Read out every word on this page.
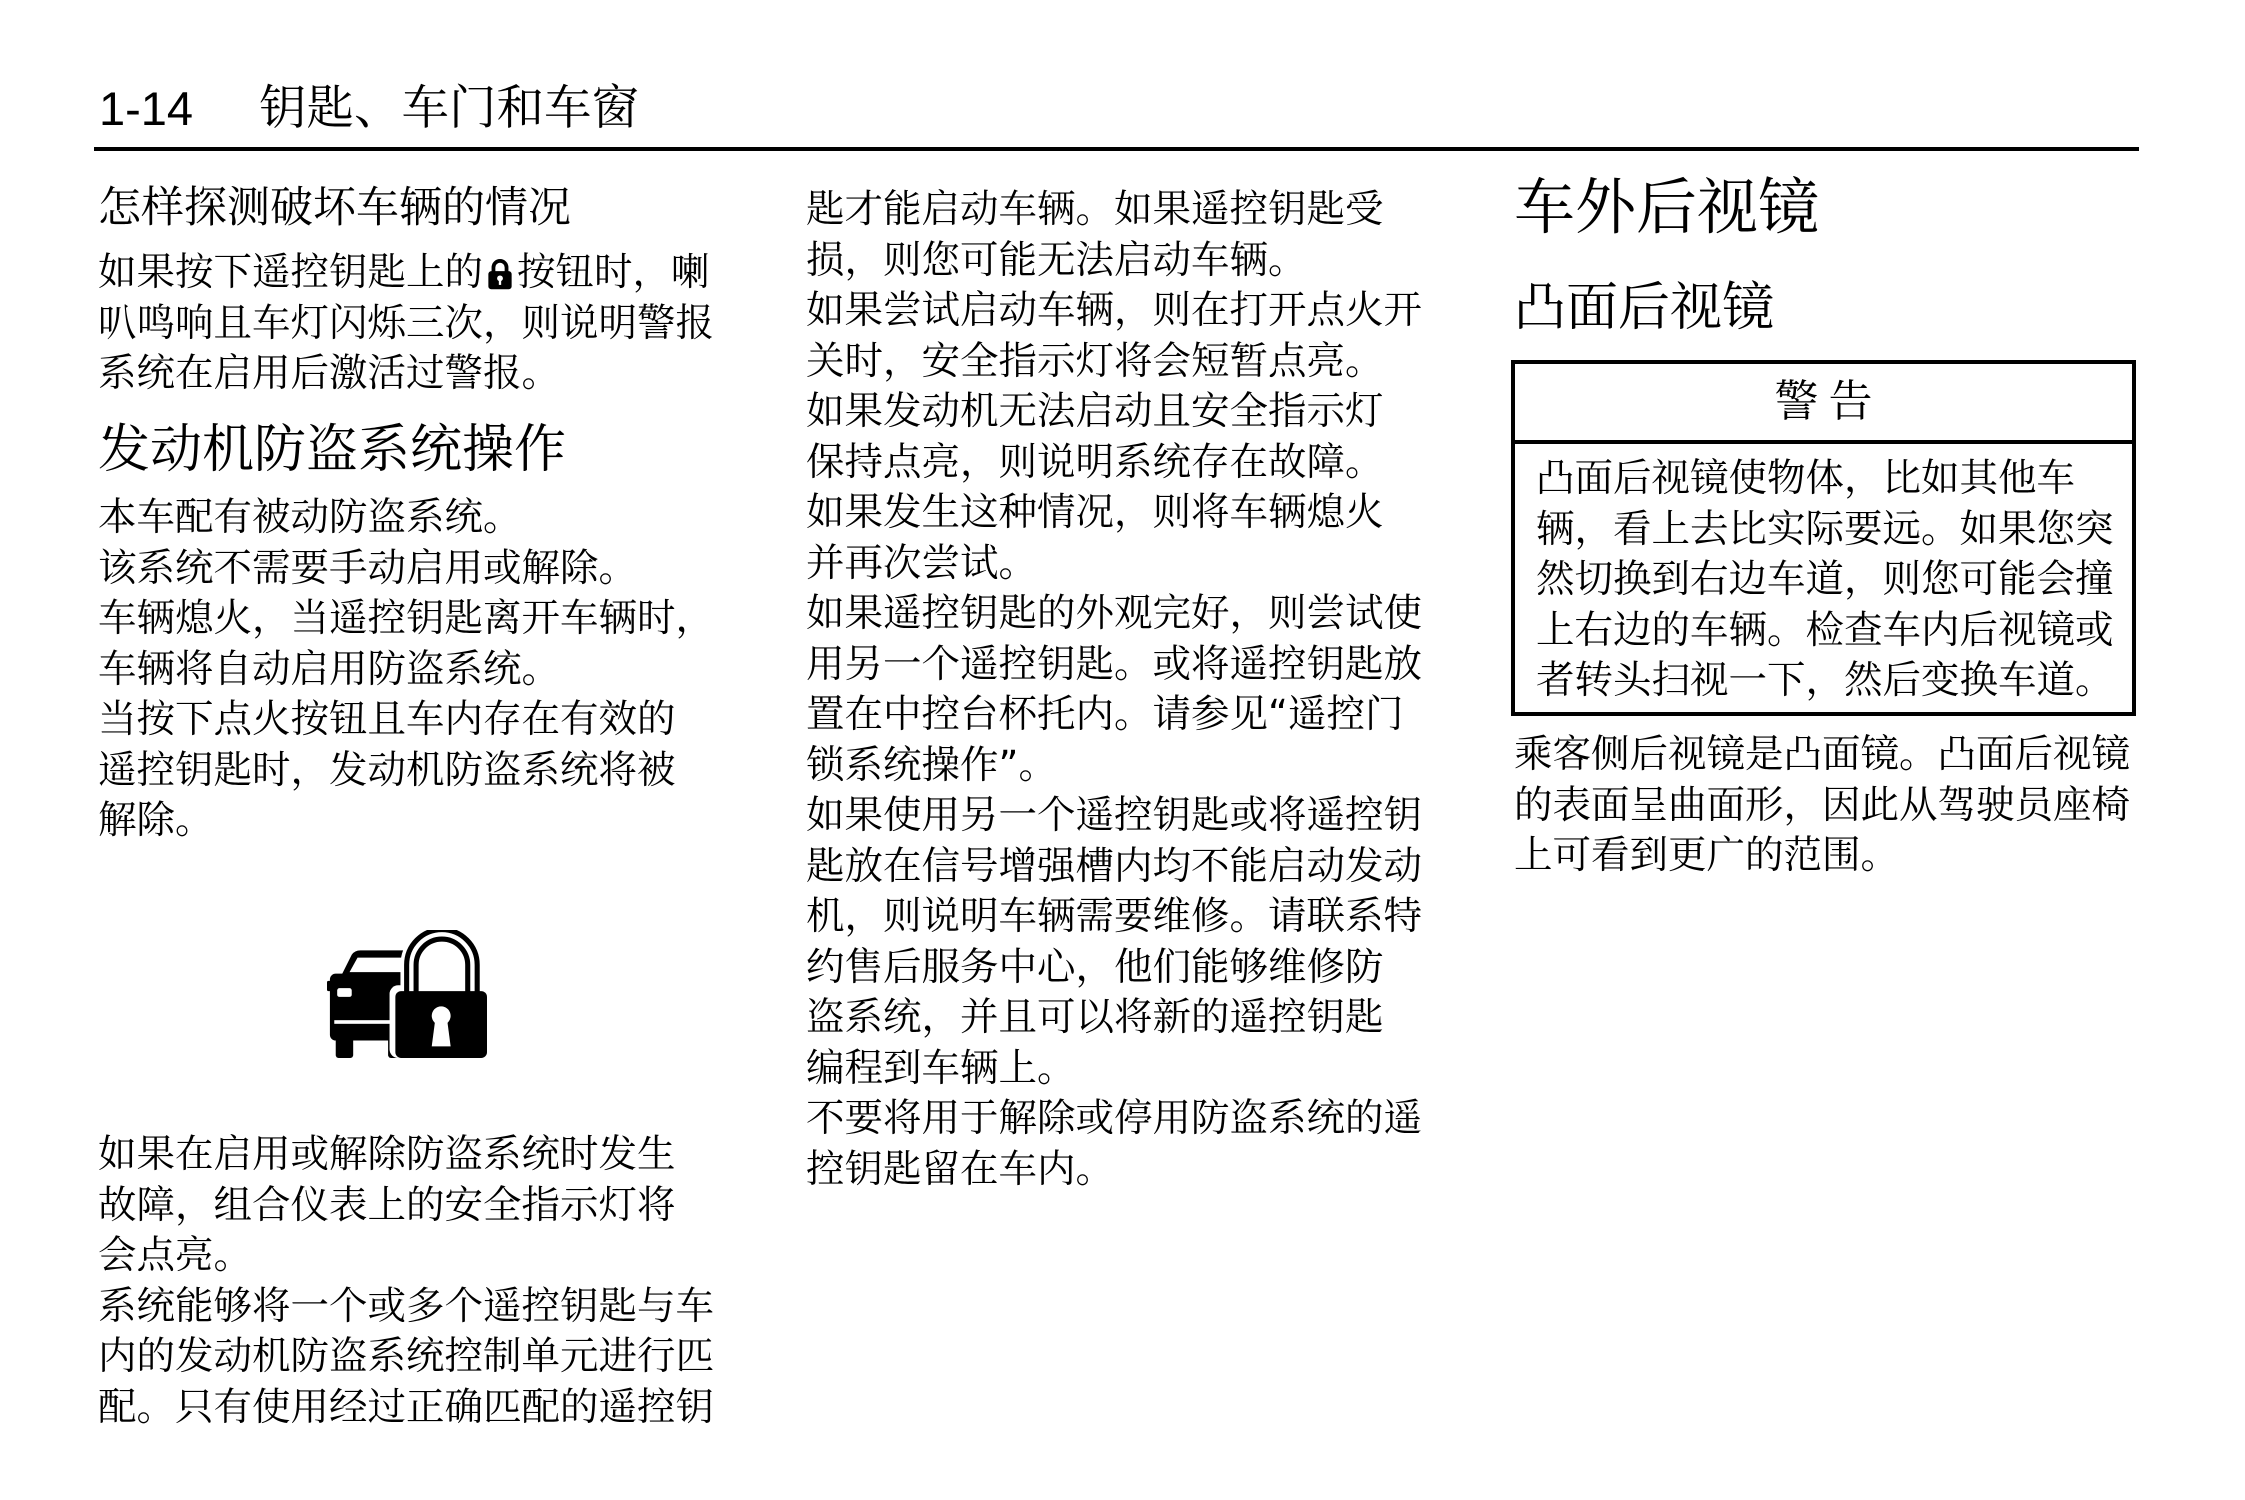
1-14 钥匙、车门和车窗
怎样探测破坏车辆的情况
如果按下遥控钥匙上的 按钮时，喇
叭鸣响且车灯闪烁三次，则说明警报
系统在启用后激活过警报。
发动机防盗系统操作
本车配有被动防盗系统。
该系统不需要手动启用或解除。
车辆熄火，当遥控钥匙离开车辆时，
车辆将自动启用防盗系统。
当按下点火按钮且车内存在有效的
遥控钥匙时，发动机防盗系统将被
解除。
如果在启用或解除防盗系统时发生
故障，组合仪表上的安全指示灯将
会点亮。
系统能够将一个或多个遥控钥匙与车
内的发动机防盗系统控制单元进行匹
配。只有使用经过正确匹配的遥控钥
匙才能启动车辆。如果遥控钥匙受
损，则您可能无法启动车辆。
如果尝试启动车辆，则在打开点火开
关时，安全指示灯将会短暂点亮。
如果发动机无法启动且安全指示灯
保持点亮，则说明系统存在故障。
如果发生这种情况，则将车辆熄火
并再次尝试。
如果遥控钥匙的外观完好，则尝试使
用另一个遥控钥匙。或将遥控钥匙放
置在中控台杯托内。请参见“遥控门
锁系统操作”。
如果使用另一个遥控钥匙或将遥控钥
匙放在信号增强槽内均不能启动发动
机，则说明车辆需要维修。请联系特
约售后服务中心，他们能够维修防
盗系统，并且可以将新的遥控钥匙
编程到车辆上。
不要将用于解除或停用防盗系统的遥
控钥匙留在车内。
车外后视镜
凸面后视镜
警告
凸面后视镜使物体，比如其他车
辆，看上去比实际要远。如果您突
然切换到右边车道，则您可能会撞
上右边的车辆。检查车内后视镜或
者转头扫视一下，然后变换车道。
乘客侧后视镜是凸面镜。凸面后视镜
的表面呈曲面形，因此从驾驶员座椅
上可看到更广的范围。
